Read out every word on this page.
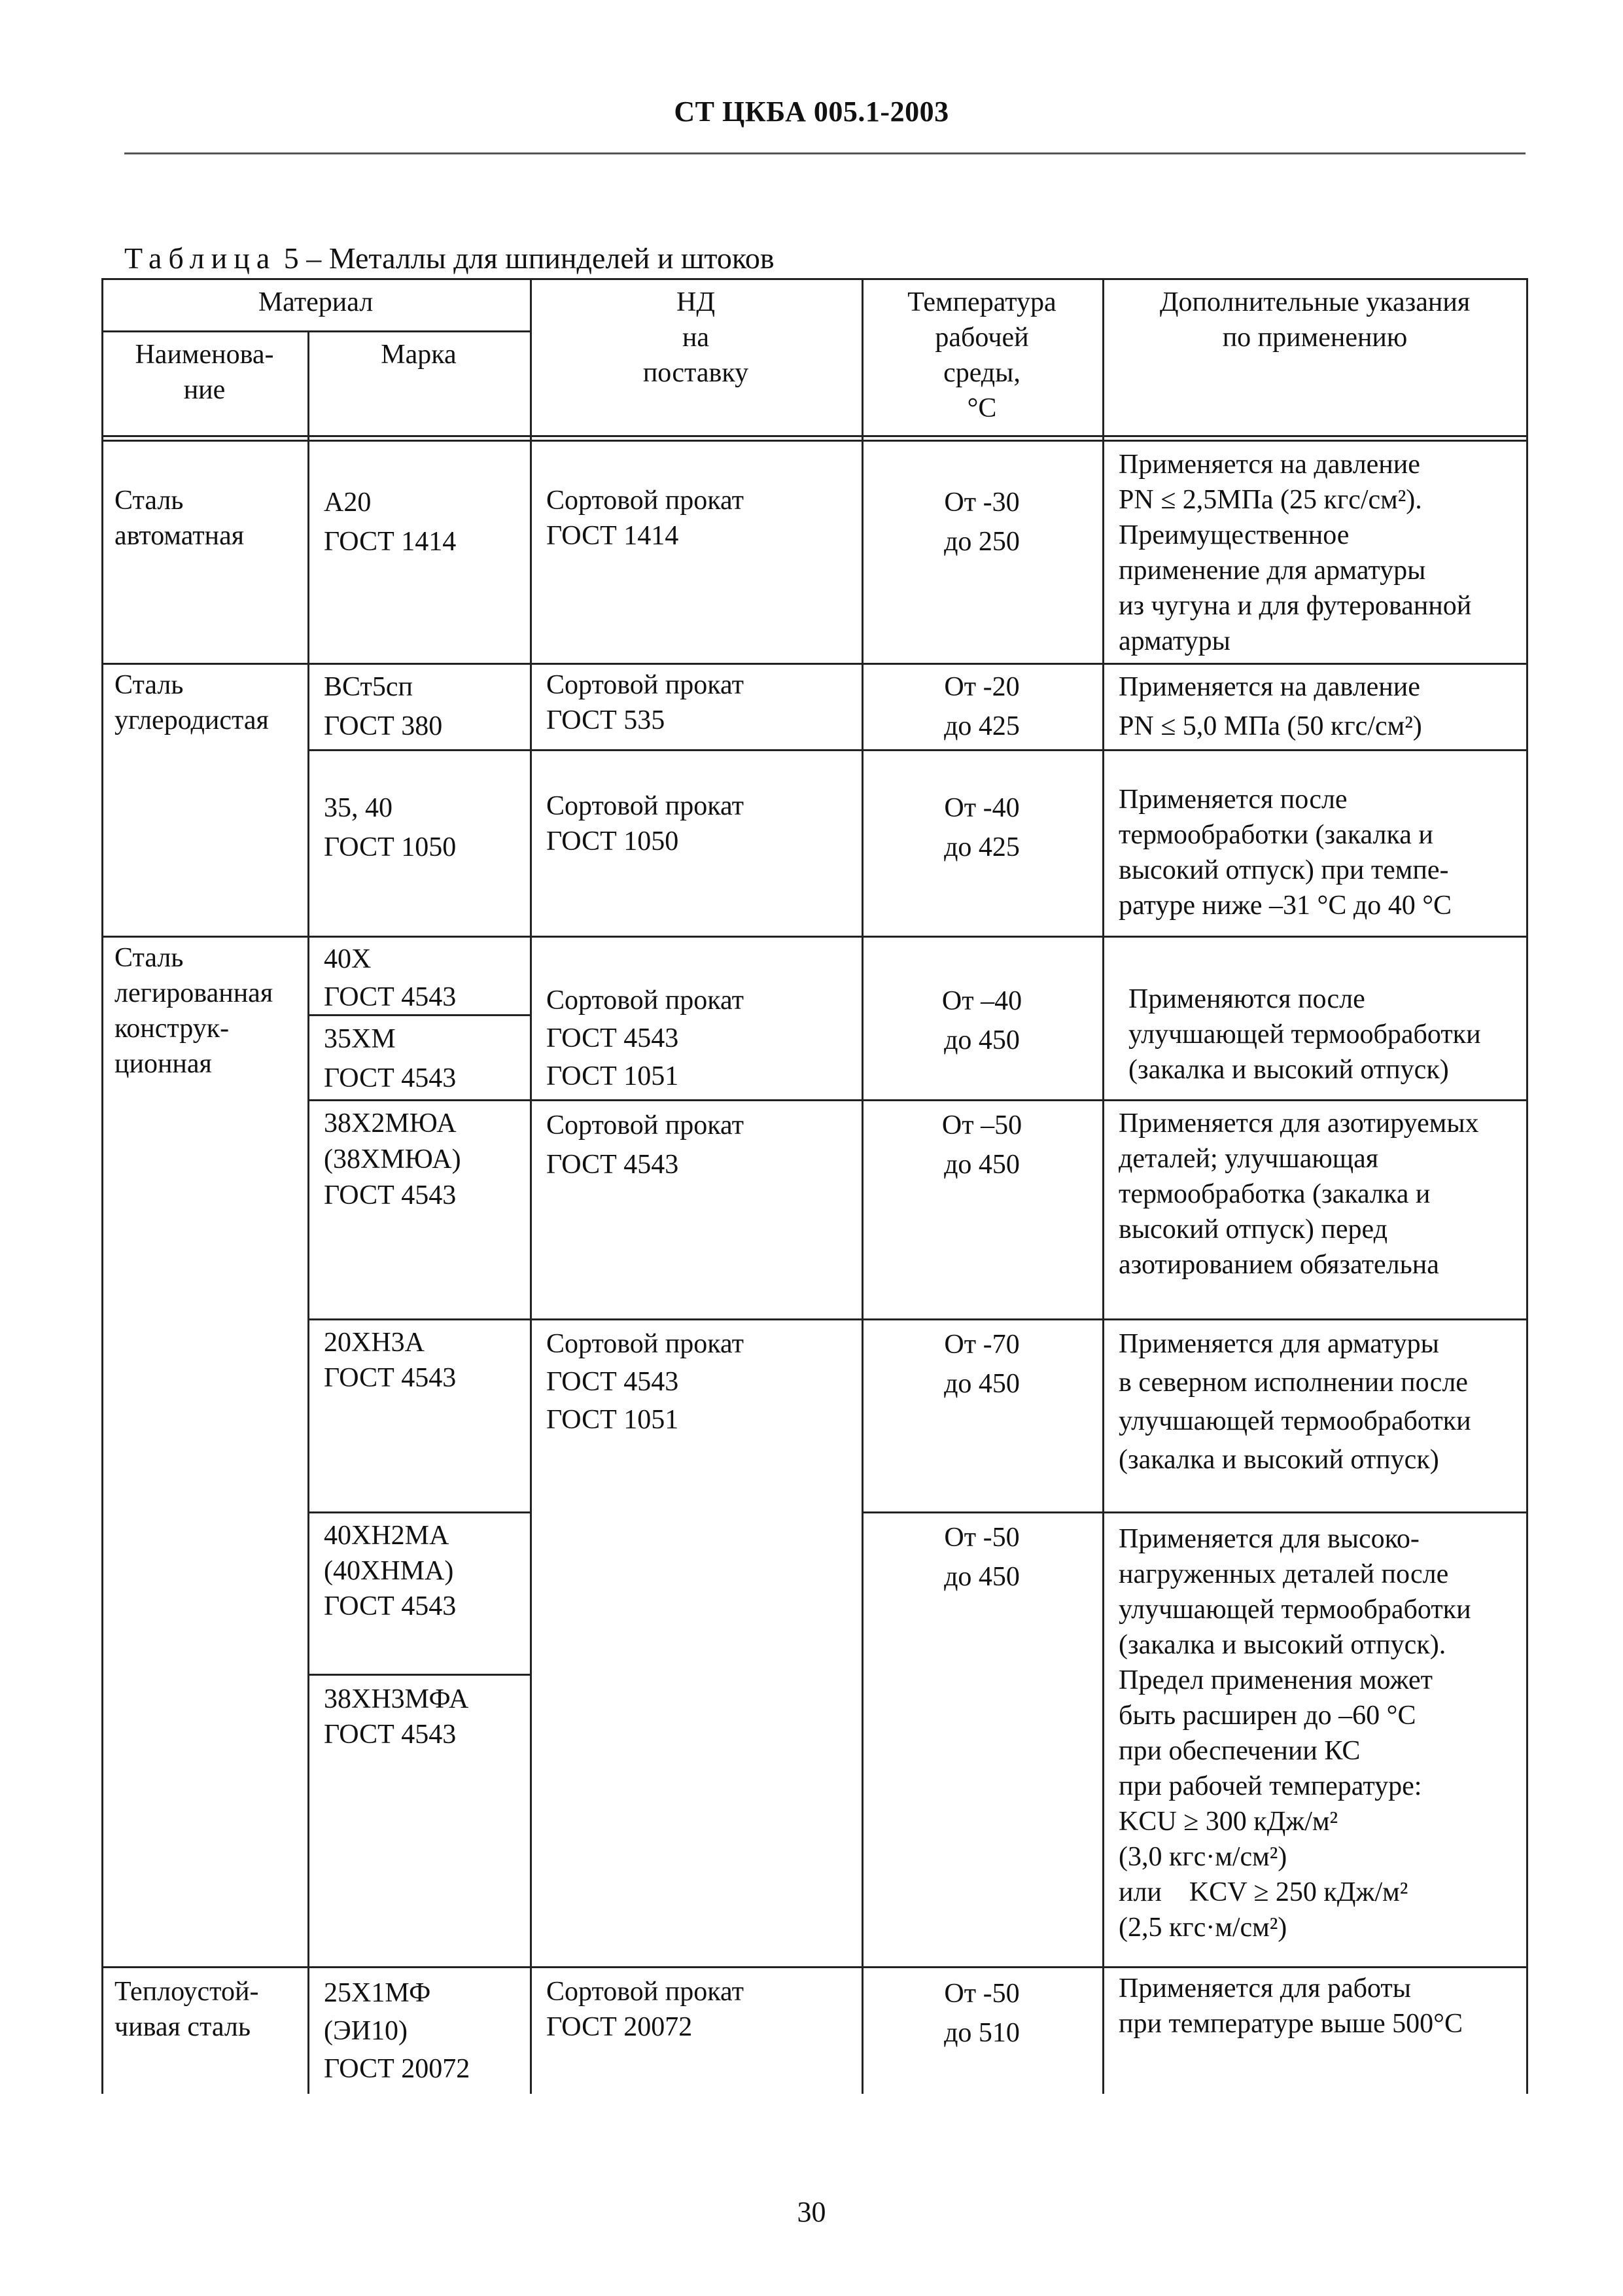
СТ ЦКБА 005.1-2003
Таблица 5 – Металлы для шпинделей и штоков
Материал
Наименова-
ние
Марка
НД
на
поставку
Температура
рабочей
среды,
°С
Дополнительные указания
по применению
Сталь
автоматная
А20
ГОСТ 1414
Сортовой прокат
ГОСТ 1414
От -30
до 250
Применяется на давление
PN ≤ 2,5МПа (25 кгс/см²).
Преимущественное
применение для арматуры
из чугуна и для футерованной
арматуры
Сталь
углеродистая
ВСт5сп
ГОСТ 380
Сортовой прокат
ГОСТ 535
От -20
до 425
Применяется на давление
PN ≤ 5,0 МПа (50 кгс/см²)
35, 40
ГОСТ 1050
Сортовой прокат
ГОСТ 1050
От -40
до 425
Применяется после
термообработки (закалка и
высокий отпуск) при темпе-
ратуре ниже –31 °С до 40 °С
Сталь
легированная
конструк-
ционная
40Х
ГОСТ 4543
35ХМ
ГОСТ 4543
Сортовой прокат
ГОСТ 4543
ГОСТ 1051
От –40
до 450
Применяются после
улучшающей термообработки
(закалка и высокий отпуск)
38Х2МЮА
(38ХМЮА)
ГОСТ 4543
Сортовой прокат
ГОСТ 4543
От –50
до 450
Применяется для азотируемых
деталей; улучшающая
термообработка (закалка и
высокий отпуск) перед
азотированием обязательна
20ХН3А
ГОСТ 4543
Сортовой прокат
ГОСТ 4543
ГОСТ 1051
От -70
до 450
Применяется для арматуры
в северном исполнении после
улучшающей термообработки
(закалка и высокий отпуск)
40ХН2МА
(40ХНМА)
ГОСТ 4543
38ХН3МФА
ГОСТ 4543
От -50
до 450
Применяется для высоко-
нагруженных деталей после
улучшающей термообработки
(закалка и высокий отпуск).
Предел применения может
быть расширен до –60 °С
при обеспечении КС
при рабочей температуре:
KCU ≥ 300 кДж/м²
(3,0 кгс·м/см²)
или    KCV ≥ 250 кДж/м²
(2,5 кгс·м/см²)
Теплоустой-
чивая сталь
25Х1МФ
(ЭИ10)
ГОСТ 20072
Сортовой прокат
ГОСТ 20072
От -50
до 510
Применяется для работы
при температуре выше 500°С
30
